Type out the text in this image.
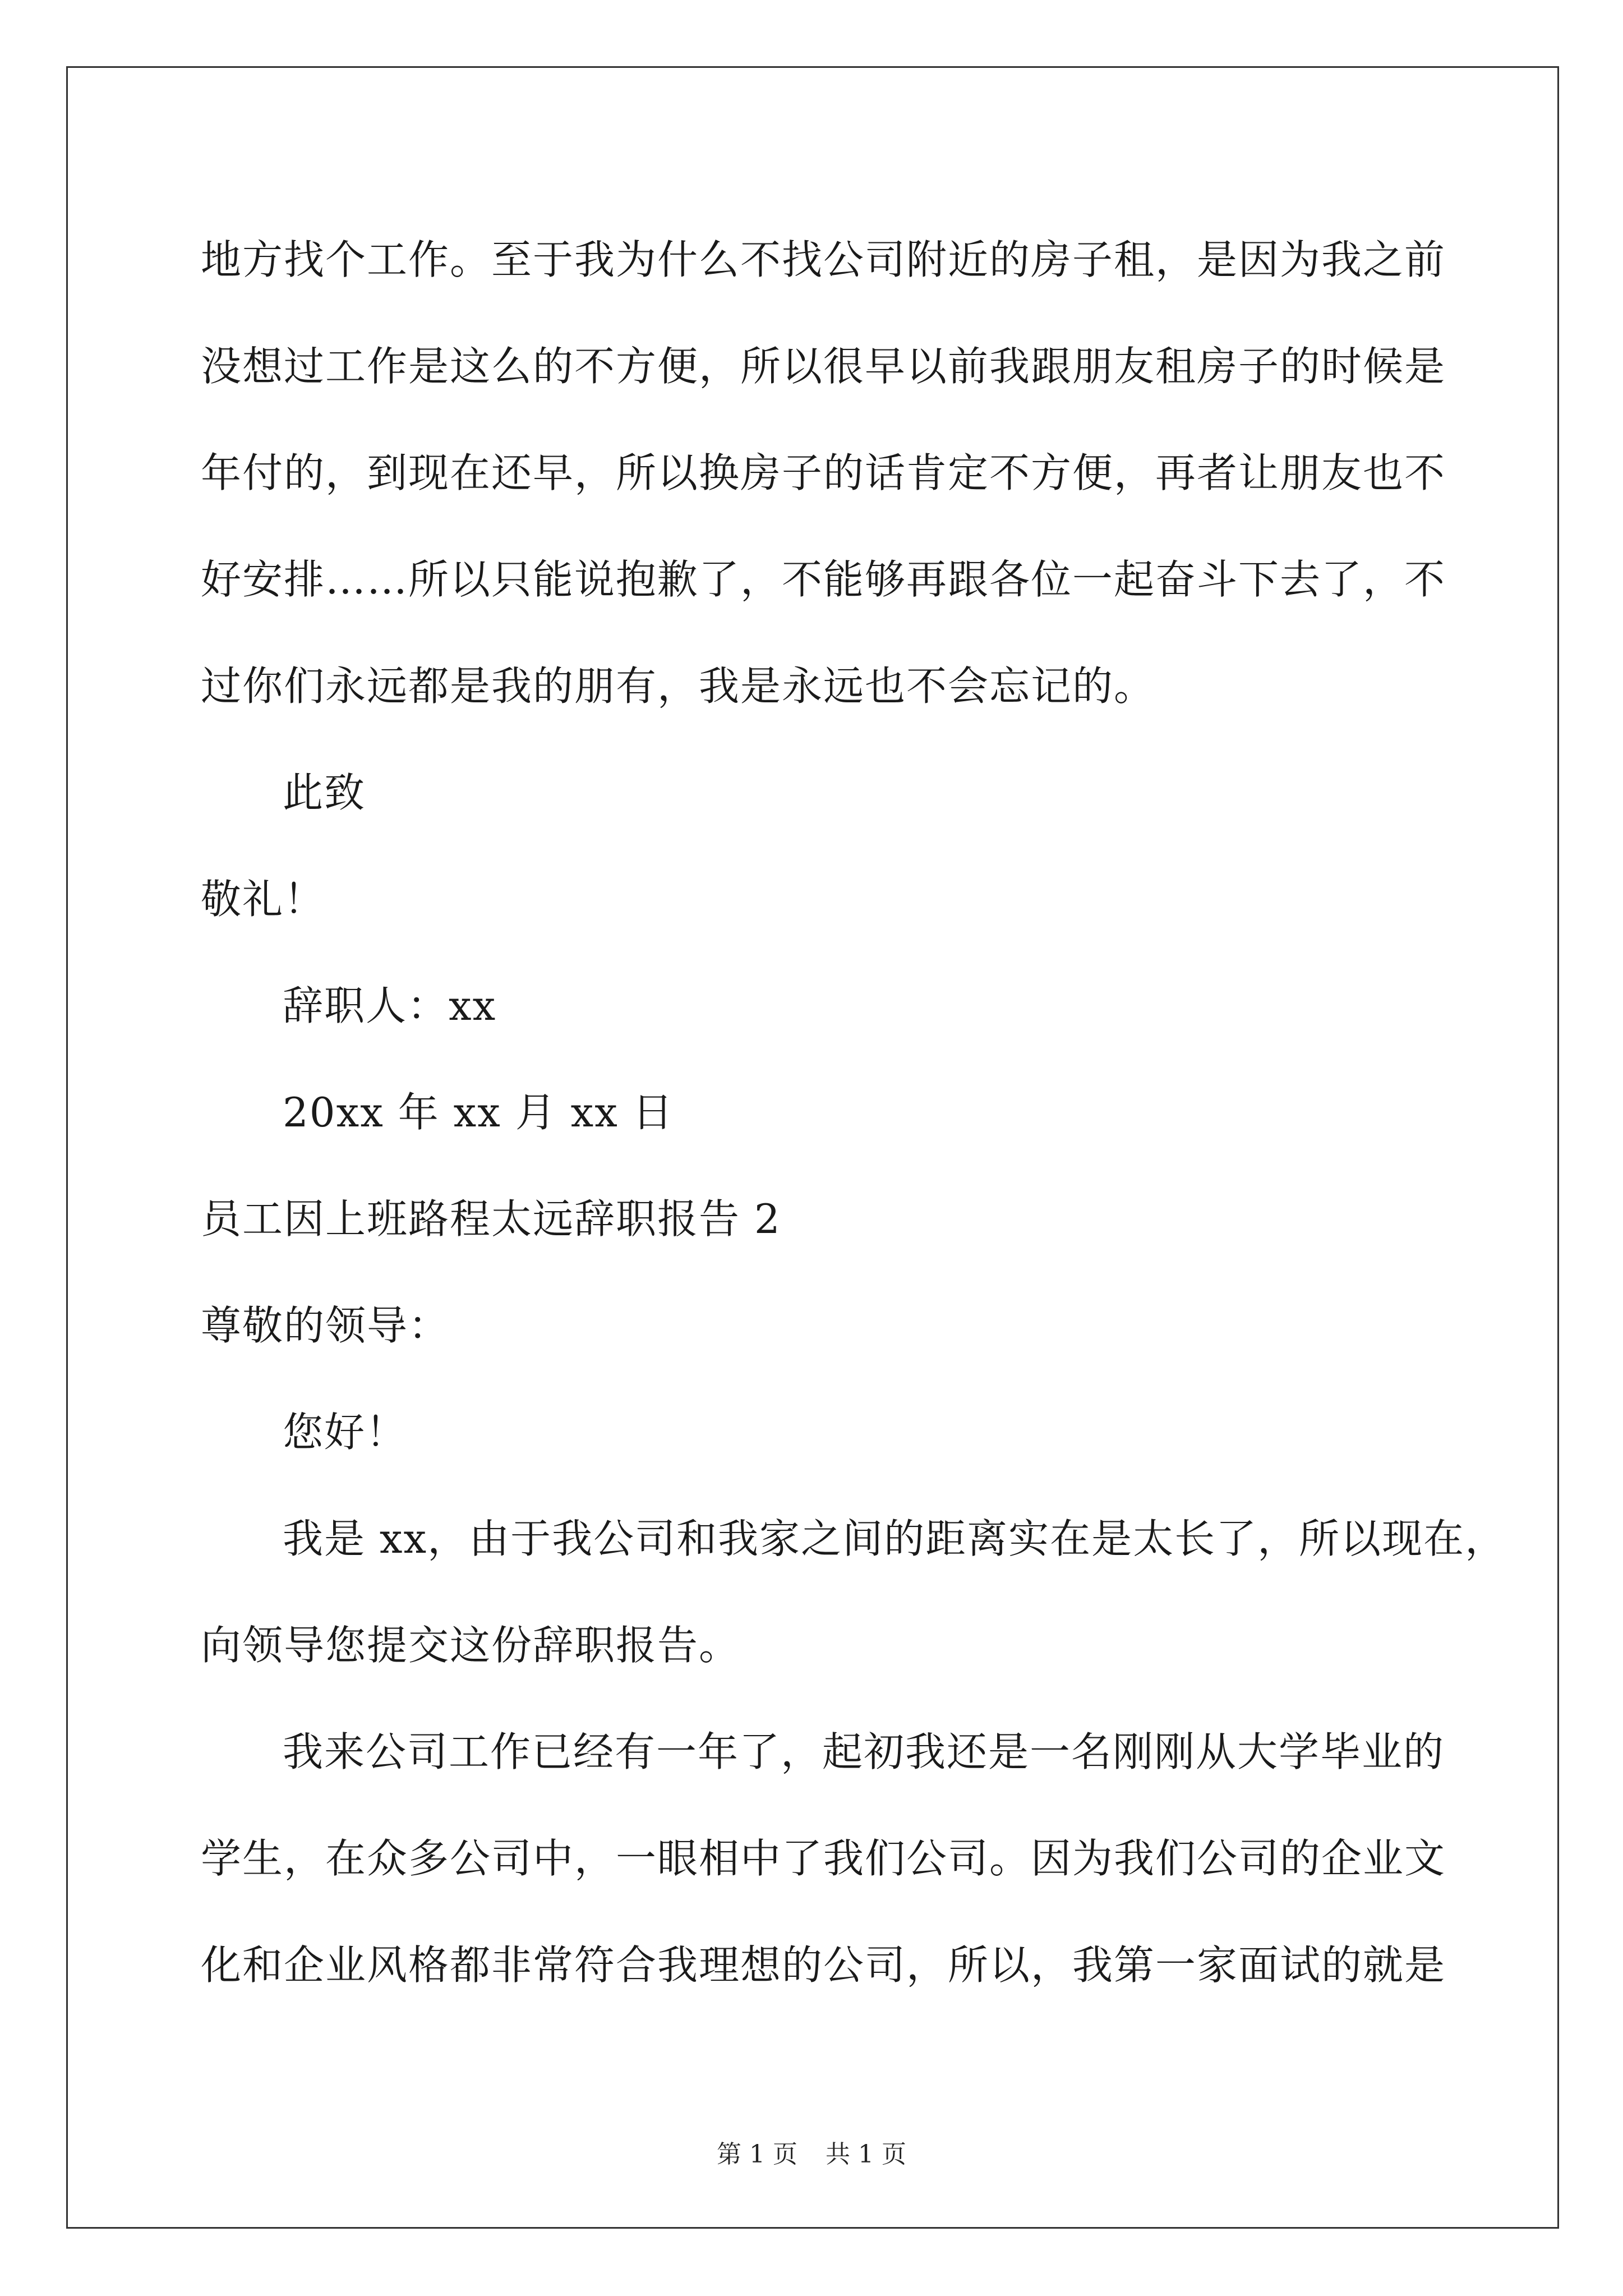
地方找个工作。至于我为什么不找公司附近的房子租，是因为我之前
没想过工作是这么的不方便，所以很早以前我跟朋友租房子的时候是
年付的，到现在还早，所以换房子的话肯定不方便，再者让朋友也不
好安排……所以只能说抱歉了，不能够再跟各位一起奋斗下去了，不
过你们永远都是我的朋有，我是永远也不会忘记的。
此致
敬礼！
辞职人：xx
20xx 年 xx 月 xx 日
员工因上班路程太远辞职报告 2
尊敬的领导：
您好！
我是 xx，由于我公司和我家之间的距离实在是太长了，所以现在，
向领导您提交这份辞职报告。
我来公司工作已经有一年了，起初我还是一名刚刚从大学毕业的
学生，在众多公司中，一眼相中了我们公司。因为我们公司的企业文
化和企业风格都非常符合我理想的公司，所以，我第一家面试的就是
第 1 页 共 1 页
